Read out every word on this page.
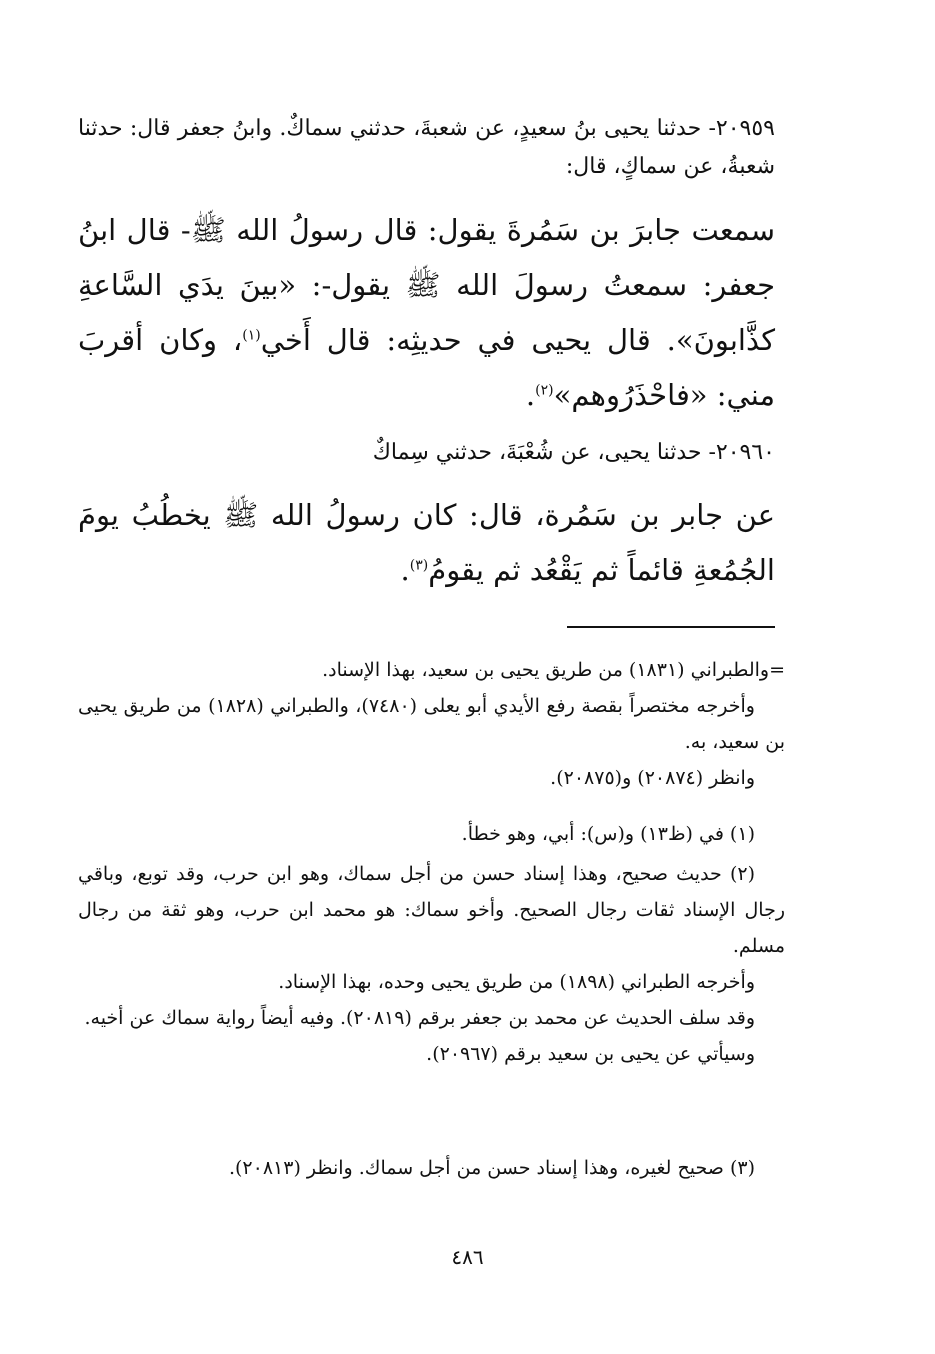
٢٠٩٥٩- حدثنا يحيى بنُ سعيدٍ، عن شعبةَ، حدثني سماكٌ. وابنُ جعفر قال: حدثنا شعبةُ، عن سماكٍ، قال:
سمعت جابرَ بن سَمُرةَ يقول: قال رسولُ الله ﷺ- قال ابنُ جعفر: سمعتُ رسولَ الله ﷺ يقول-: «بينَ يدَي السَّاعةِ كذَّابونَ». قال يحيى في حديثِه: قال أَخي$^{(١)}$، وكان أقربَ مني: «فاحْذَرُوهم»$^{(٢)}$.
٢٠٩٦٠- حدثنا يحيى، عن شُعْبَةَ، حدثني سِماكٌ
عن جابر بن سَمُرة، قال: كان رسولُ الله ﷺ يخطُبُ يومَ الجُمُعةِ قائماً ثم يَقْعُد ثم يقومُ$^{(٣)}$.
=والطبراني (١٨٣١) من طريق يحيى بن سعيد، بهذا الإسناد.
وأخرجه مختصراً بقصة رفع الأيدي أبو يعلى (٧٤٨٠)، والطبراني (١٨٢٨) من طريق يحيى بن سعيد، به.
وانظر (٢٠٨٧٤) و(٢٠٨٧٥).
(١) في (ظ١٣) و(س): أبي، وهو خطأ.
(٢) حديث صحيح، وهذا إسناد حسن من أجل سماك، وهو ابن حرب، وقد توبع، وباقي رجال الإسناد ثقات رجال الصحيح. وأخو سماك: هو محمد ابن حرب، وهو ثقة من رجال مسلم.
وأخرجه الطبراني (١٨٩٨) من طريق يحيى وحده، بهذا الإسناد.
وقد سلف الحديث عن محمد بن جعفر برقم (٢٠٨١٩). وفيه أيضاً رواية سماك عن أخيه.
وسيأتي عن يحيى بن سعيد برقم (٢٠٩٦٧).
(٣) صحيح لغيره، وهذا إسناد حسن من أجل سماك. وانظر (٢٠٨١٣).
٤٨٦
